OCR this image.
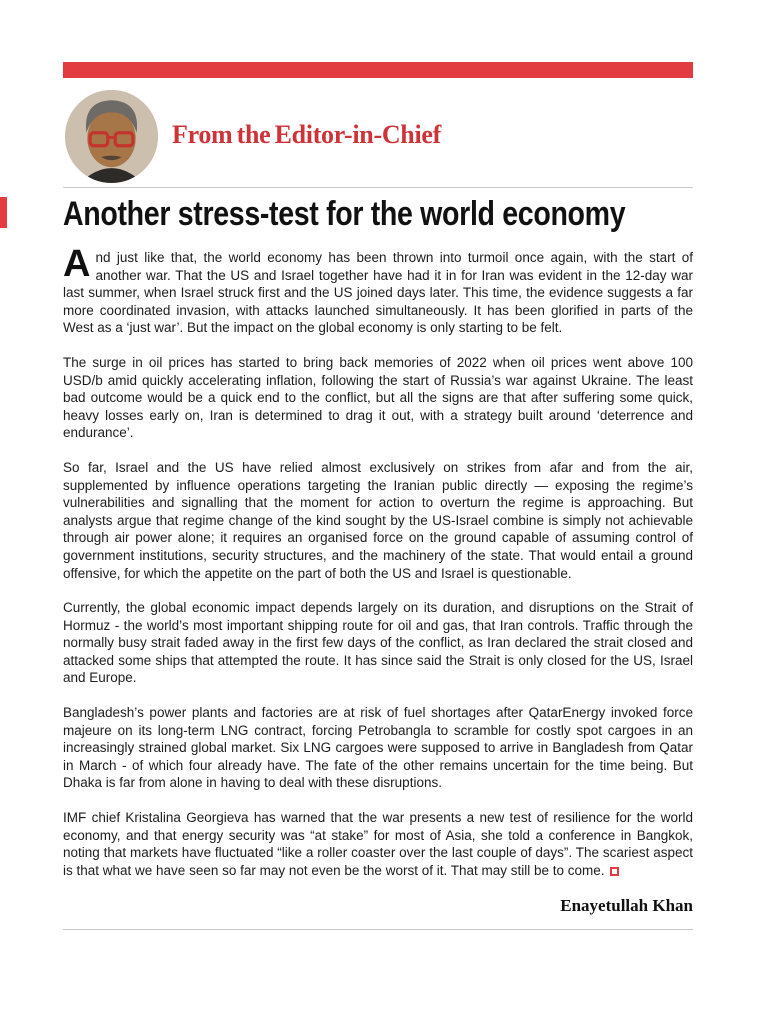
From the Editor-in-Chief
Another stress-test for the world economy

And just like that, the world economy has been thrown into turmoil once again, with the start of another war. That the US and Israel together have had it in for Iran was evident in the 12-day war last summer, when Israel struck first and the US joined days later. This time, the evidence suggests a far more coordinated invasion, with attacks launched simultaneously. It has been glorified in parts of the West as a ‘just war’. But the impact on the global economy is only starting to be felt.

The surge in oil prices has started to bring back memories of 2022 when oil prices went above 100 USD/b amid quickly accelerating inflation, following the start of Russia’s war against Ukraine. The least bad outcome would be a quick end to the conflict, but all the signs are that after suffering some quick, heavy losses early on, Iran is determined to drag it out, with a strategy built around ‘deterrence and endurance’.

So far, Israel and the US have relied almost exclusively on strikes from afar and from the air, supplemented by influence operations targeting the Iranian public directly — exposing the regime’s vulnerabilities and signalling that the moment for action to overturn the regime is approaching. But analysts argue that regime change of the kind sought by the US-Israel combine is simply not achievable through air power alone; it requires an organised force on the ground capable of assuming control of government institutions, security structures, and the machinery of the state. That would entail a ground offensive, for which the appetite on the part of both the US and Israel is questionable.

Currently, the global economic impact depends largely on its duration, and disruptions on the Strait of Hormuz - the world’s most important shipping route for oil and gas, that Iran controls. Traffic through the normally busy strait faded away in the first few days of the conflict, as Iran declared the strait closed and attacked some ships that attempted the route. It has since said the Strait is only closed for the US, Israel and Europe.

Bangladesh’s power plants and factories are at risk of fuel shortages after QatarEnergy invoked force majeure on its long-term LNG contract, forcing Petrobangla to scramble for costly spot cargoes in an increasingly strained global market. Six LNG cargoes were supposed to arrive in Bangladesh from Qatar in March - of which four already have. The fate of the other remains uncertain for the time being. But Dhaka is far from alone in having to deal with these disruptions.

IMF chief Kristalina Georgieva has warned that the war presents a new test of resilience for the world economy, and that energy security was “at stake” for most of Asia, she told a conference in Bangkok, noting that markets have fluctuated “like a roller coaster over the last couple of days”. The scariest aspect is that what we have seen so far may not even be the worst of it. That may still be to come.

Enayetullah Khan
